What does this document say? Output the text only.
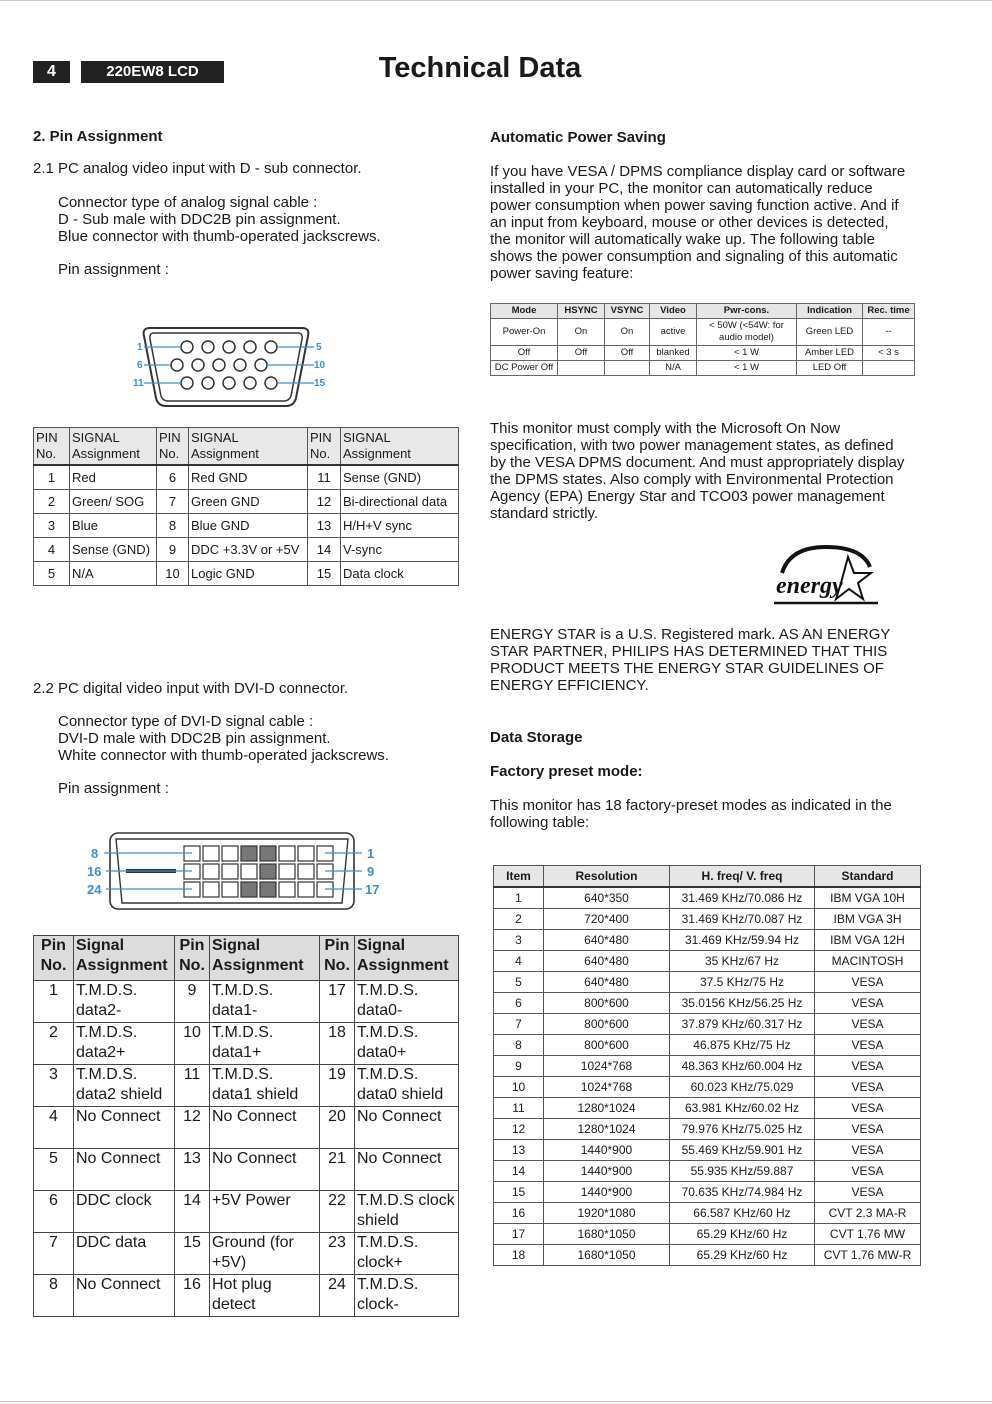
4	220EW8 LCD	Technical Data
2. Pin Assignment
2.1 PC analog video input with D - sub connector.
Connector type of analog signal cable :
D - Sub male with DDC2B pin assignment.
Blue connector with thumb-operated jackscrews.
Pin assignment :
1
6
11
5
10
15
PIN No.	SIGNAL Assignment	PIN No.	SIGNAL Assignment	PIN No.	SIGNAL Assignment
1	Red	6	Red GND	11	Sense (GND)
2	Green/ SOG	7	Green GND	12	Bi-directional data
3	Blue	8	Blue GND	13	H/H+V sync
4	Sense (GND)	9	DDC +3.3V or +5V	14	V-sync
5	N/A	10	Logic GND	15	Data clock
2.2 PC digital video input with DVI-D connector.
Connector type of DVI-D signal cable :
DVI-D male with DDC2B pin assignment.
White connector with thumb-operated jackscrews.
Pin assignment :
8
16
24
1
9
17
Pin No.	Signal Assignment	Pin No.	Signal Assignment	Pin No.	Signal Assignment
1	T.M.D.S. data2-	9	T.M.D.S. data1-	17	T.M.D.S. data0-
2	T.M.D.S. data2+	10	T.M.D.S. data1+	18	T.M.D.S. data0+
3	T.M.D.S. data2 shield	11	T.M.D.S. data1 shield	19	T.M.D.S. data0 shield
4	No Connect	12	No Connect	20	No Connect
5	No Connect	13	No Connect	21	No Connect
6	DDC clock	14	+5V Power	22	T.M.D.S clock shield
7	DDC data	15	Ground (for +5V)	23	T.M.D.S. clock+
8	No Connect	16	Hot plug detect	24	T.M.D.S. clock-
Automatic Power Saving
If you have VESA / DPMS compliance display card or software
installed in your PC, the monitor can automatically reduce
power consumption when power saving function active. And if
an input from keyboard, mouse or other devices is detected,
the monitor will automatically wake up. The following table
shows the power consumption and signaling of this automatic
power saving feature:
Mode	HSYNC	VSYNC	Video	Pwr-cons.	Indication	Rec. time
Power-On	On	On	active	< 50W (<54W: for audio model)	Green LED	--
Off	Off	Off	blanked	< 1 W	Amber LED	< 3 s
DC Power Off			N/A	< 1 W	LED Off	
This monitor must comply with the Microsoft On Now
specification, with two power management states, as defined
by the VESA DPMS document. And must appropriately display
the DPMS states. Also comply with Environmental Protection
Agency (EPA) Energy Star and TCO03 power management
standard strictly.
energy
ENERGY STAR is a U.S. Registered mark. AS AN ENERGY
STAR PARTNER, PHILIPS HAS DETERMINED THAT THIS
PRODUCT MEETS THE ENERGY STAR GUIDELINES OF
ENERGY EFFICIENCY.
Data Storage
Factory preset mode:
This monitor has 18 factory-preset modes as indicated in the
following table:
Item	Resolution	H. freq/ V. freq	Standard
1	640*350	31.469 KHz/70.086 Hz	IBM VGA 10H
2	720*400	31.469 KHz/70.087 Hz	IBM VGA 3H
3	640*480	31.469 KHz/59.94 Hz	IBM VGA 12H
4	640*480	35 KHz/67 Hz	MACINTOSH
5	640*480	37.5 KHz/75 Hz	VESA
6	800*600	35.0156 KHz/56.25 Hz	VESA
7	800*600	37.879 KHz/60.317 Hz	VESA
8	800*600	46.875 KHz/75 Hz	VESA
9	1024*768	48.363 KHz/60.004 Hz	VESA
10	1024*768	60.023 KHz/75.029	VESA
11	1280*1024	63.981 KHz/60.02 Hz	VESA
12	1280*1024	79.976 KHz/75.025 Hz	VESA
13	1440*900	55.469 KHz/59.901 Hz	VESA
14	1440*900	55.935 KHz/59.887	VESA
15	1440*900	70.635 KHz/74.984 Hz	VESA
16	1920*1080	66.587 KHz/60 Hz	CVT 2.3 MA-R
17	1680*1050	65.29 KHz/60 Hz	CVT 1.76 MW
18	1680*1050	65.29 KHz/60 Hz	CVT 1.76 MW-R
